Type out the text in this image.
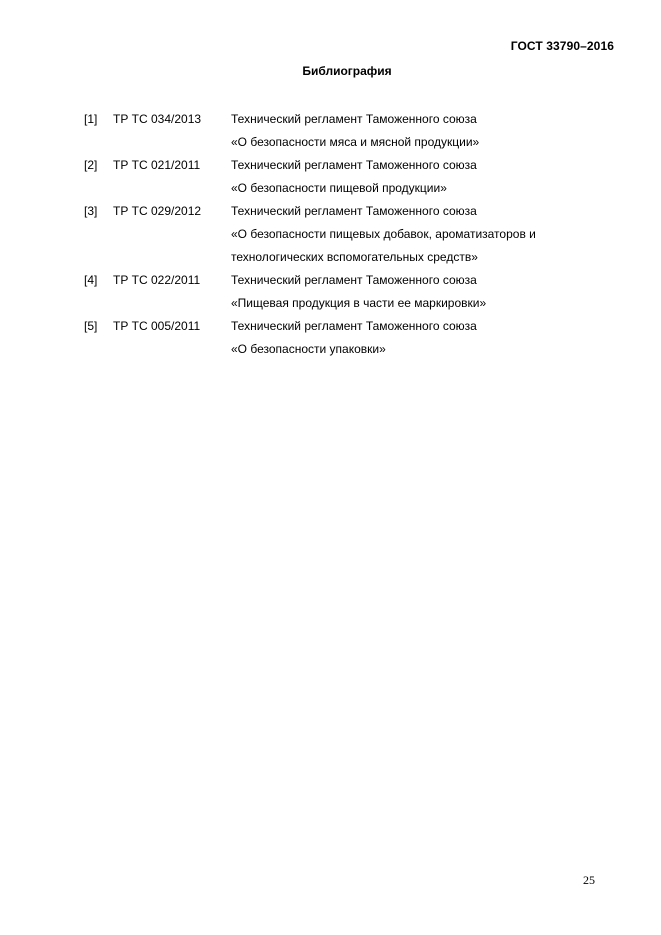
ГОСТ 33790–2016
Библиография
[1] ТР ТС 034/2013 Технический регламент Таможенного союза
«О безопасности мяса и мясной продукции»
[2] ТР ТС 021/2011	Технический регламент Таможенного союза
«О безопасности пищевой продукции»
[3] ТР ТС 029/2012 Технический регламент Таможенного союза
«О безопасности пищевых добавок, ароматизаторов и
технологических вспомогательных средств»
[4] ТР ТС 022/2011	Технический регламент Таможенного союза
«Пищевая продукция в части ее маркировки»
[5] ТР ТС 005/2011	Технический регламент Таможенного союза
«О безопасности упаковки»
25
